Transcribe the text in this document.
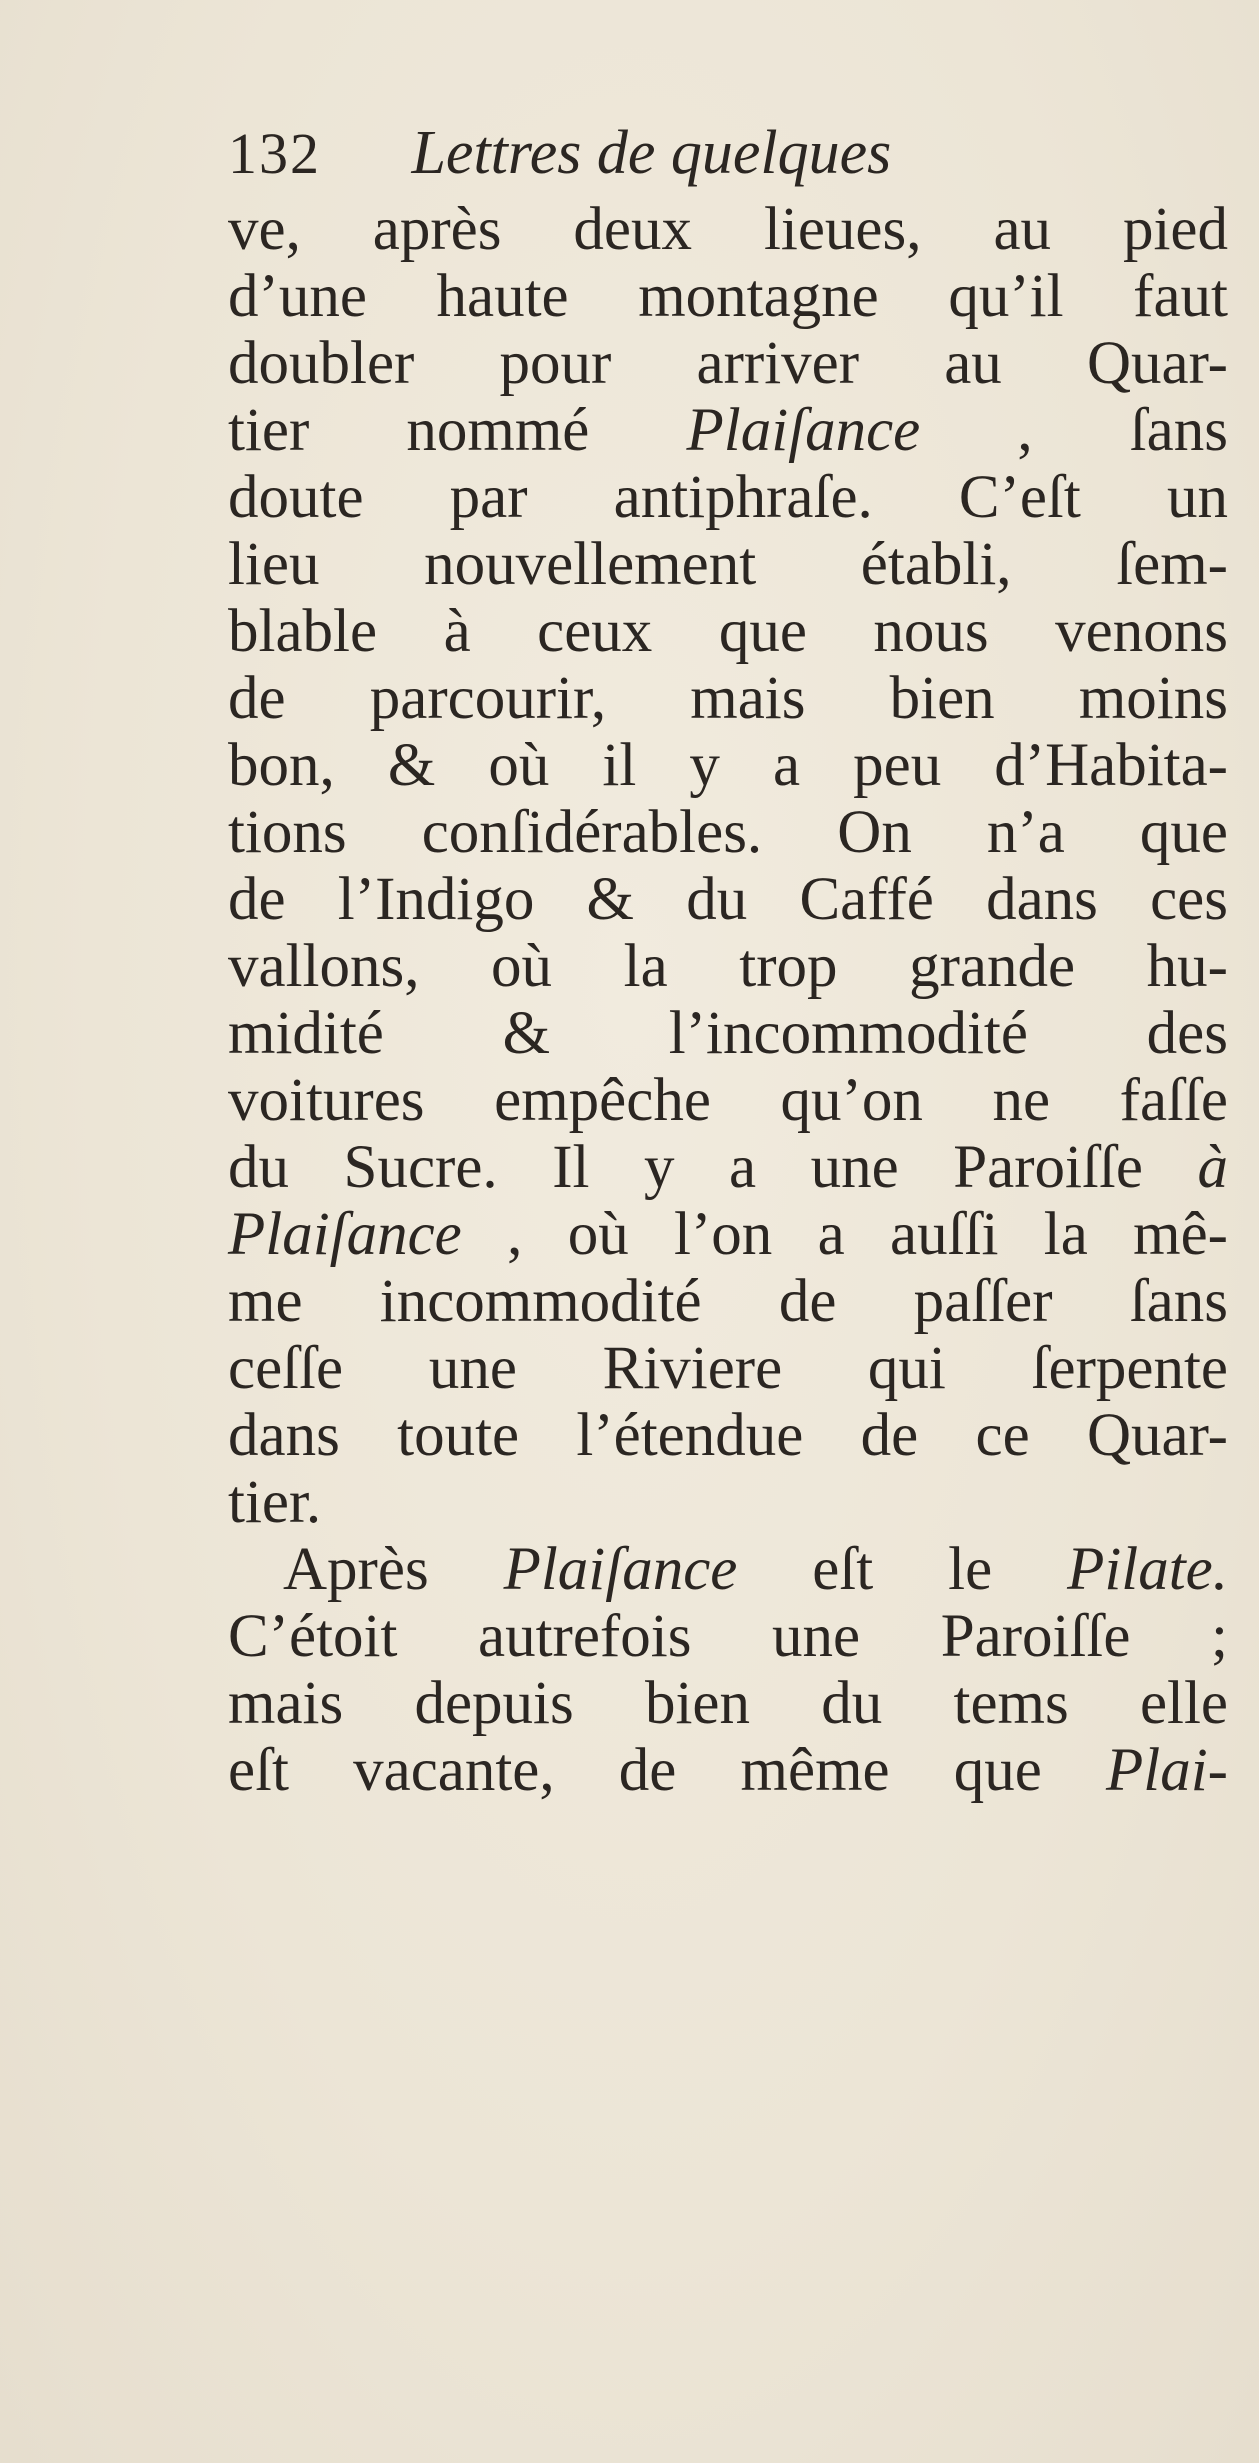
132 Lettres de quelques
ve, après deux lieues, au pied
d’une haute montagne qu’il faut
doubler pour arriver au Quar-
tier nommé Plaiſance , ſans
doute par antiphraſe. C’eſt un
lieu nouvellement établi, ſem-
blable à ceux que nous venons
de parcourir, mais bien moins
bon, & où il y a peu d’Habita-
tions conſidérables. On n’a que
de l’Indigo & du Caffé dans ces
vallons, où la trop grande hu-
midité & l’incommodité des
voitures empêche qu’on ne faſſe
du Sucre. Il y a une Paroiſſe à
Plaiſance , où l’on a auſſi la mê-
me incommodité de paſſer ſans
ceſſe une Riviere qui ſerpente
dans toute l’étendue de ce Quar-
tier.
Après Plaiſance eſt le Pilate.
C’étoit autrefois une Paroiſſe ;
mais depuis bien du tems elle
eſt vacante, de même que Plai-
